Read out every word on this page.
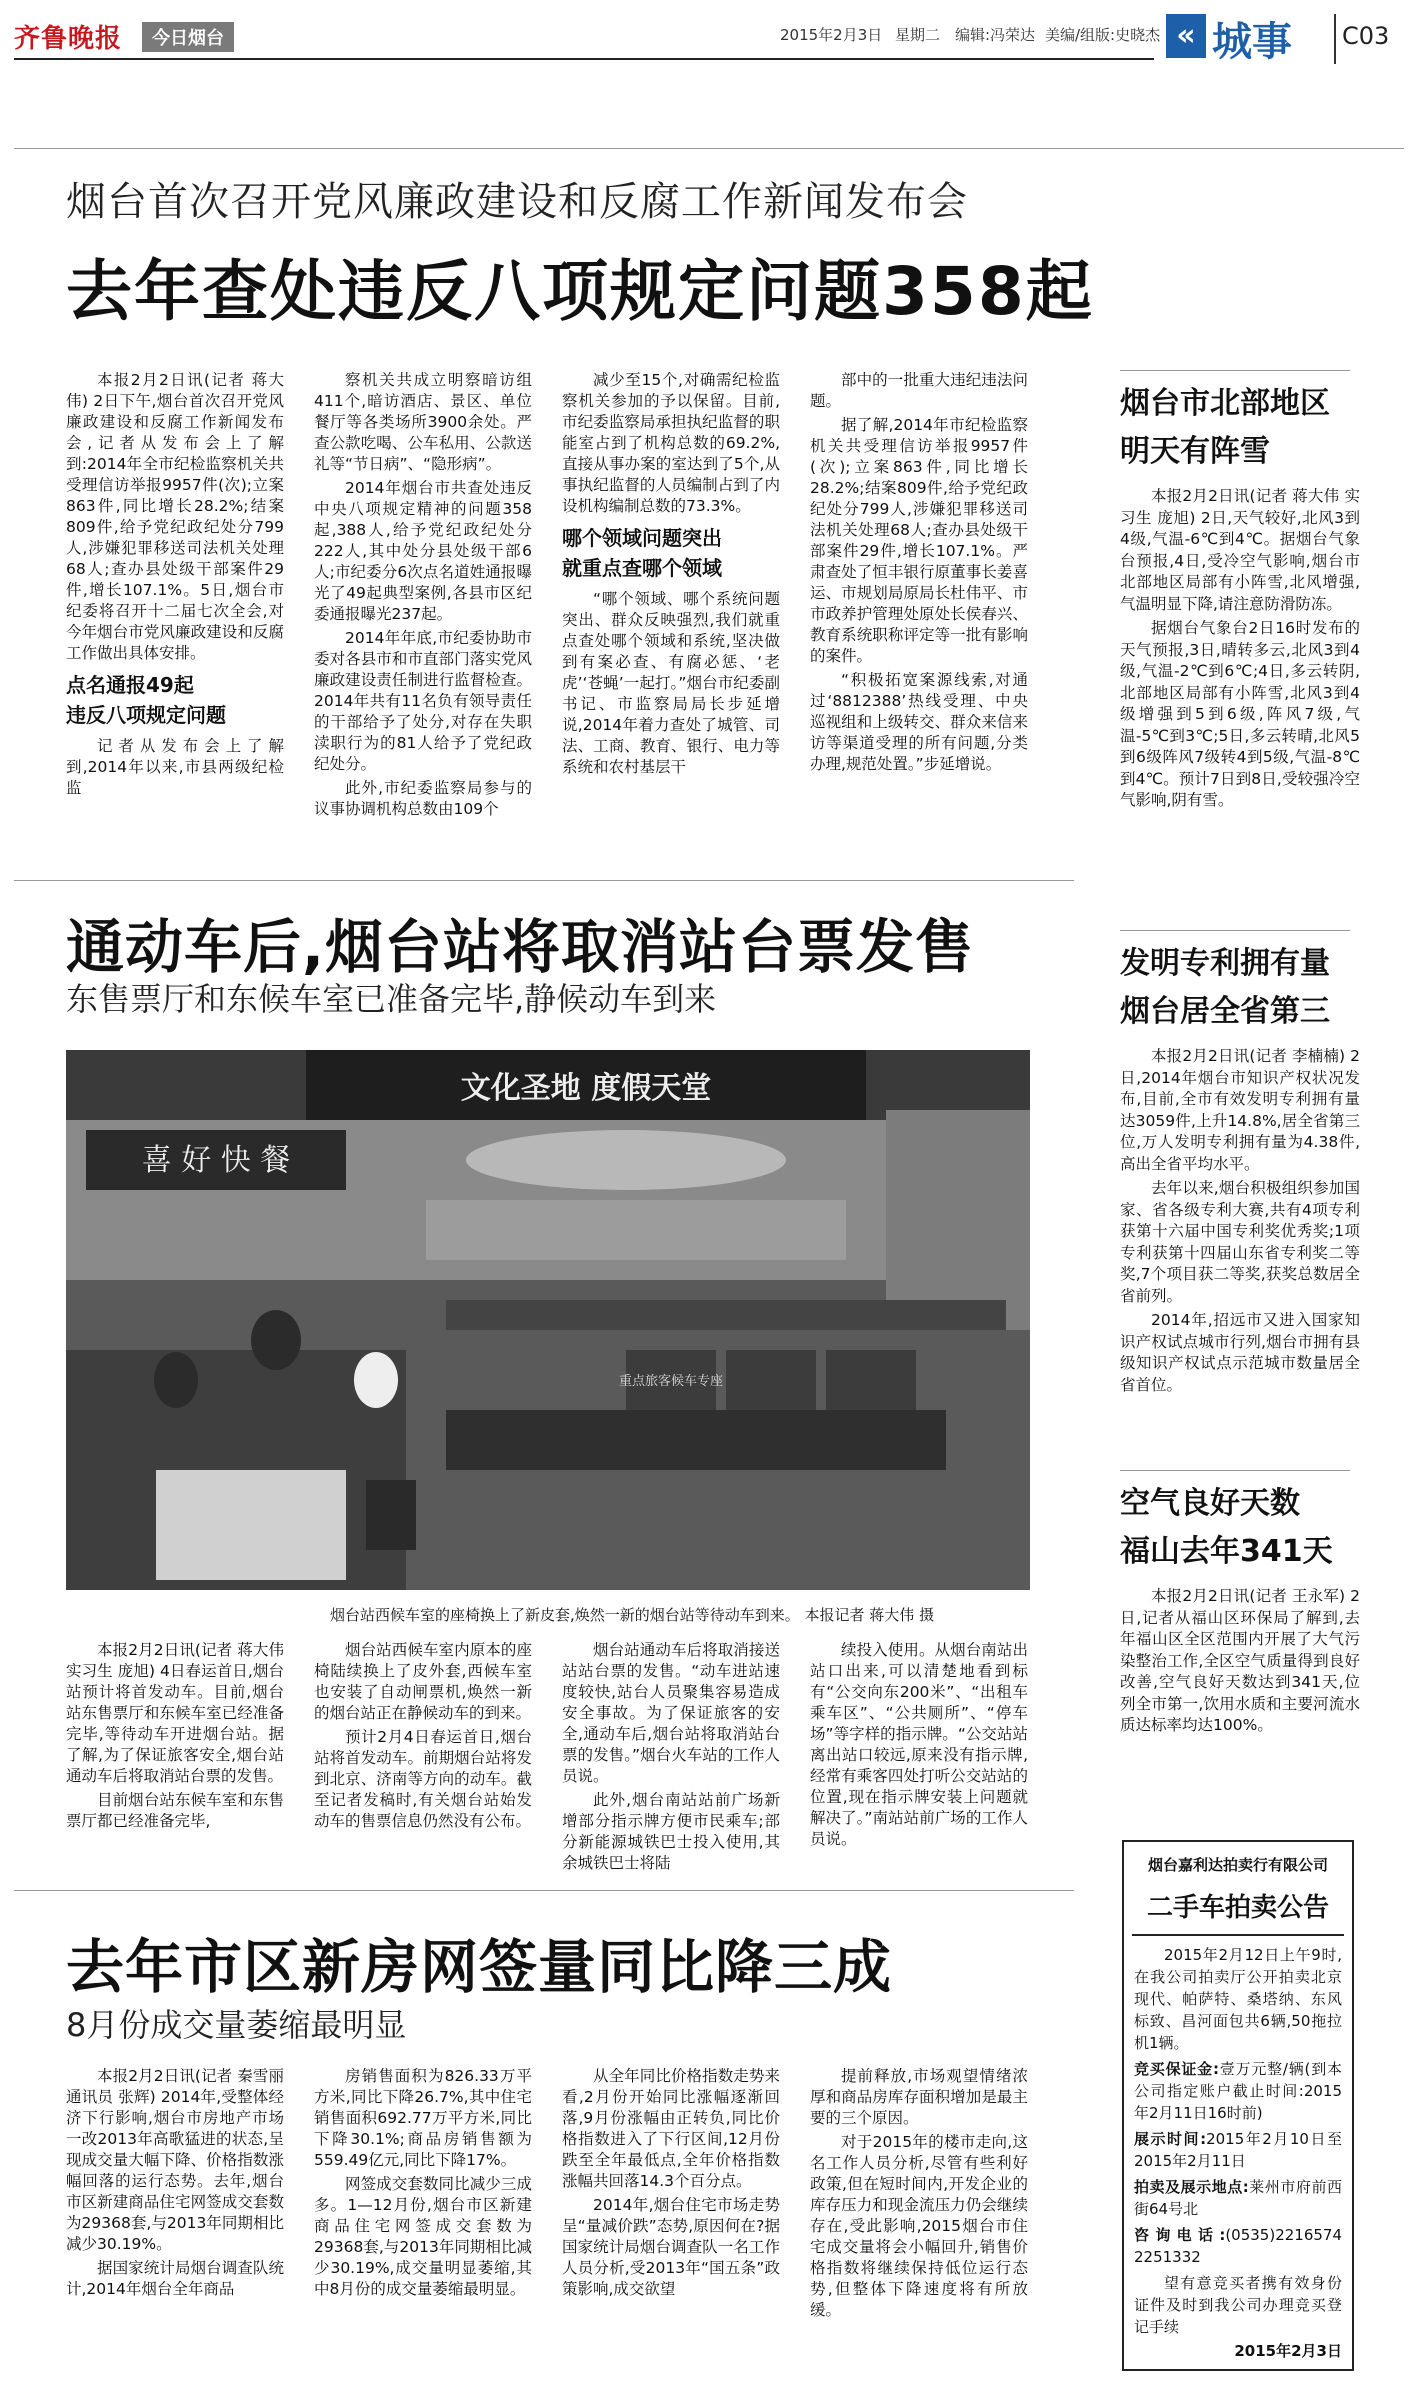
齐鲁晚报	今日烟台	2015年2月3日 星期二 编辑:冯荣达 美编/组版:史晓杰 « 城事 C03
烟台首次召开党风廉政建设和反腐工作新闻发布会
去年查处违反八项规定问题358起

本报2月2日讯(记者 蒋大伟) 2日下午,烟台首次召开党风廉政建设和反腐工作新闻发布会,记者从发布会上了解到:2014年全市纪检监察机关共受理信访举报9957件(次);立案863件,同比增长28.2%;结案809件,给予党纪政纪处分799人,涉嫌犯罪移送司法机关处理68人;查办县处级干部案件29件,增长107.1%。5日,烟台市纪委将召开十二届七次全会,对今年烟台市党风廉政建设和反腐工作做出具体安排。

点名通报49起
违反八项规定问题

记者从发布会上了解到,2014年以来,市县两级纪检监

察机关共成立明察暗访组411个,暗访酒店、景区、单位餐厅等各类场所3900余处。严查公款吃喝、公车私用、公款送礼等“节日病”、“隐形病”。

2014年烟台市共查处违反中央八项规定精神的问题358起,388人,给予党纪政纪处分222人,其中处分县处级干部6人;市纪委分6次点名道姓通报曝光了49起典型案例,各县市区纪委通报曝光237起。

2014年年底,市纪委协助市委对各县市和市直部门落实党风廉政建设责任制进行监督检查。2014年共有11名负有领导责任的干部给予了处分,对存在失职渎职行为的81人给予了党纪政纪处分。

此外,市纪委监察局参与的议事协调机构总数由109个

减少至15个,对确需纪检监察机关参加的予以保留。目前,市纪委监察局承担执纪监督的职能室占到了机构总数的69.2%,直接从事办案的室达到了5个,从事执纪监督的人员编制占到了内设机构编制总数的73.3%。

哪个领域问题突出
就重点查哪个领域

“哪个领域、哪个系统问题突出、群众反映强烈,我们就重点查处哪个领域和系统,坚决做到有案必查、有腐必惩、‘老虎’‘苍蝇’一起打。”烟台市纪委副书记、市监察局局长步延增说,2014年着力查处了城管、司法、工商、教育、银行、电力等系统和农村基层干

部中的一批重大违纪违法问题。

据了解,2014年市纪检监察机关共受理信访举报9957件(次);立案863件,同比增长28.2%;结案809件,给予党纪政纪处分799人,涉嫌犯罪移送司法机关处理68人;查办县处级干部案件29件,增长107.1%。严肃查处了恒丰银行原董事长姜喜运、市规划局原局长杜伟平、市市政养护管理处原处长侯春兴、教育系统职称评定等一批有影响的案件。

“积极拓宽案源线索,对通过‘8812388’热线受理、中央巡视组和上级转交、群众来信来访等渠道受理的所有问题,分类办理,规范处置。”步延增说。

烟台市北部地区
明天有阵雪

本报2月2日讯(记者 蒋大伟 实习生 庞旭) 2日,天气较好,北风3到4级,气温-6℃到4℃。据烟台气象台预报,4日,受冷空气影响,烟台市北部地区局部有小阵雪,北风增强,气温明显下降,请注意防滑防冻。

据烟台气象台2日16时发布的天气预报,3日,晴转多云,北风3到4级,气温-2℃到6℃;4日,多云转阴,北部地区局部有小阵雪,北风3到4级增强到5到6级,阵风7级,气温-5℃到3℃;5日,多云转晴,北风5到6级阵风7级转4到5级,气温-8℃到4℃。预计7日到8日,受较强冷空气影响,阴有雪。

通动车后,烟台站将取消站台票发售
东售票厅和东候车室已准备完毕,静候动车到来
喜 好 快 餐
文化圣地 度假天堂
重点旅客候车专座
烟台站西候车室的座椅换上了新皮套,焕然一新的烟台站等待动车到来。 本报记者 蒋大伟 摄

本报2月2日讯(记者 蒋大伟 实习生 庞旭) 4日春运首日,烟台站预计将首发动车。目前,烟台站东售票厅和东候车室已经准备完毕,等待动车开进烟台站。据了解,为了保证旅客安全,烟台站通动车后将取消站台票的发售。

目前烟台站东候车室和东售票厅都已经准备完毕,

烟台站西候车室内原本的座椅陆续换上了皮外套,西候车室也安装了自动闸票机,焕然一新的烟台站正在静候动车的到来。

预计2月4日春运首日,烟台站将首发动车。前期烟台站将发到北京、济南等方向的动车。截至记者发稿时,有关烟台站始发动车的售票信息仍然没有公布。

烟台站通动车后将取消接送站站台票的发售。“动车进站速度较快,站台人员聚集容易造成安全事故。为了保证旅客的安全,通动车后,烟台站将取消站台票的发售。”烟台火车站的工作人员说。

此外,烟台南站站前广场新增部分指示牌方便市民乘车;部分新能源城铁巴士投入使用,其余城铁巴士将陆

续投入使用。从烟台南站出站口出来,可以清楚地看到标有“公交向东200米”、“出租车乘车区”、“公共厕所”、“停车场”等字样的指示牌。“公交站站离出站口较远,原来没有指示牌,经常有乘客四处打听公交站站的位置,现在指示牌安装上问题就解决了。”南站站前广场的工作人员说。

发明专利拥有量
烟台居全省第三

本报2月2日讯(记者 李楠楠) 2日,2014年烟台市知识产权状况发布,目前,全市有效发明专利拥有量达3059件,上升14.8%,居全省第三位,万人发明专利拥有量为4.38件,高出全省平均水平。

去年以来,烟台积极组织参加国家、省各级专利大赛,共有4项专利获第十六届中国专利奖优秀奖;1项专利获第十四届山东省专利奖二等奖,7个项目获二等奖,获奖总数居全省前列。

2014年,招远市又进入国家知识产权试点城市行列,烟台市拥有县级知识产权试点示范城市数量居全省首位。

空气良好天数
福山去年341天

本报2月2日讯(记者 王永军) 2日,记者从福山区环保局了解到,去年福山区全区范围内开展了大气污染整治工作,全区空气质量得到良好改善,空气良好天数达到341天,位列全市第一,饮用水质和主要河流水质达标率均达100%。

去年市区新房网签量同比降三成
8月份成交量萎缩最明显

本报2月2日讯(记者 秦雪丽 通讯员 张辉) 2014年,受整体经济下行影响,烟台市房地产市场一改2013年高歌猛进的状态,呈现成交量大幅下降、价格指数涨幅回落的运行态势。去年,烟台市区新建商品住宅网签成交套数为29368套,与2013年同期相比减少30.19%。

据国家统计局烟台调查队统计,2014年烟台全年商品

房销售面积为826.33万平方米,同比下降26.7%,其中住宅销售面积692.77万平方米,同比下降30.1%;商品房销售额为559.49亿元,同比下降17%。

网签成交套数同比减少三成多。1—12月份,烟台市区新建商品住宅网签成交套数为29368套,与2013年同期相比减少30.19%,成交量明显萎缩,其中8月份的成交量萎缩最明显。

从全年同比价格指数走势来看,2月份开始同比涨幅逐渐回落,9月份涨幅由正转负,同比价格指数进入了下行区间,12月份跌至全年最低点,全年价格指数涨幅共回落14.3个百分点。

2014年,烟台住宅市场走势呈“量减价跌”态势,原因何在?据国家统计局烟台调查队一名工作人员分析,受2013年“国五条”政策影响,成交欲望

提前释放,市场观望情绪浓厚和商品房库存面积增加是最主要的三个原因。

对于2015年的楼市走向,这名工作人员分析,尽管有些利好政策,但在短时间内,开发企业的库存压力和现金流压力仍会继续存在,受此影响,2015烟台市住宅成交量将会小幅回升,销售价格指数将继续保持低位运行态势,但整体下降速度将有所放缓。

烟台嘉利达拍卖行有限公司
二手车拍卖公告

2015年2月12日上午9时,在我公司拍卖厅公开拍卖北京现代、帕萨特、桑塔纳、东风标致、昌河面包共6辆,50拖拉机1辆。

竞买保证金:壹万元整/辆(到本公司指定账户截止时间:2015年2月11日16时前)

展示时间:2015年2月10日至2015年2月11日

拍卖及展示地点:莱州市府前西街64号北

咨询电话:(0535)2216574 2251332

望有意竞买者携有效身份证件及时到我公司办理竞买登记手续

2015年2月3日
